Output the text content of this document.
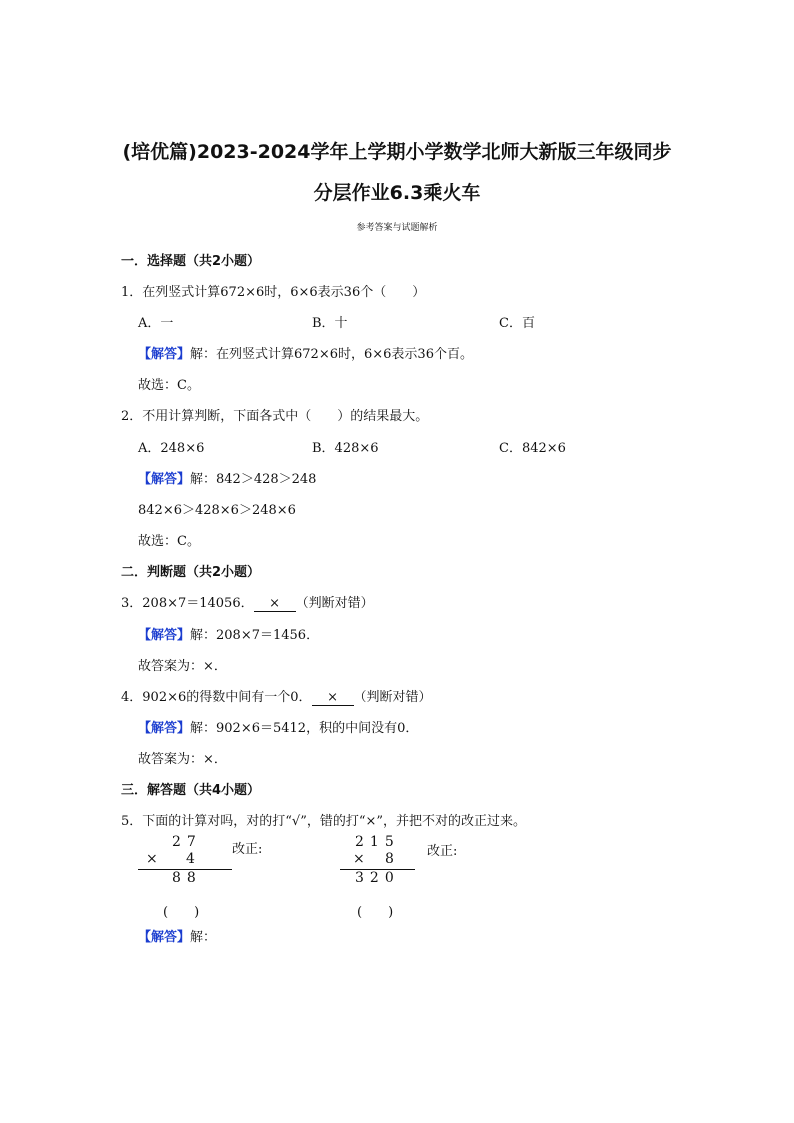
(培优篇)2023-2024学年上学期小学数学北师大新版三年级同步
分层作业6.3乘火车
参考答案与试题解析
一．选择题（共2小题）
1．在列竖式计算672×6时，6×6表示36个（　　）
A．一	B．十	C．百
【解答】解：在列竖式计算672×6时，6×6表示36个百。
故选：C。
2．不用计算判断，下面各式中（　　）的结果最大。
A．248×6	B．428×6	C．842×6
【解答】解：842＞428＞248
842×6＞428×6＞248×6
故选：C。
二．判断题（共2小题）
3．208×7＝14056． × （判断对错）
【解答】解：208×7＝1456．
故答案为：×．
4．902×6的得数中间有一个0． × （判断对错）
【解答】解：902×6＝5412，积的中间没有0．
故答案为：×．
三．解答题（共4小题）
5．下面的计算对吗，对的打“√”，错的打“×”，并把不对的改正过来。
27
× 4
88
改正:
(　　)
215
× 8
320
改正:
(　　)
【解答】解：
